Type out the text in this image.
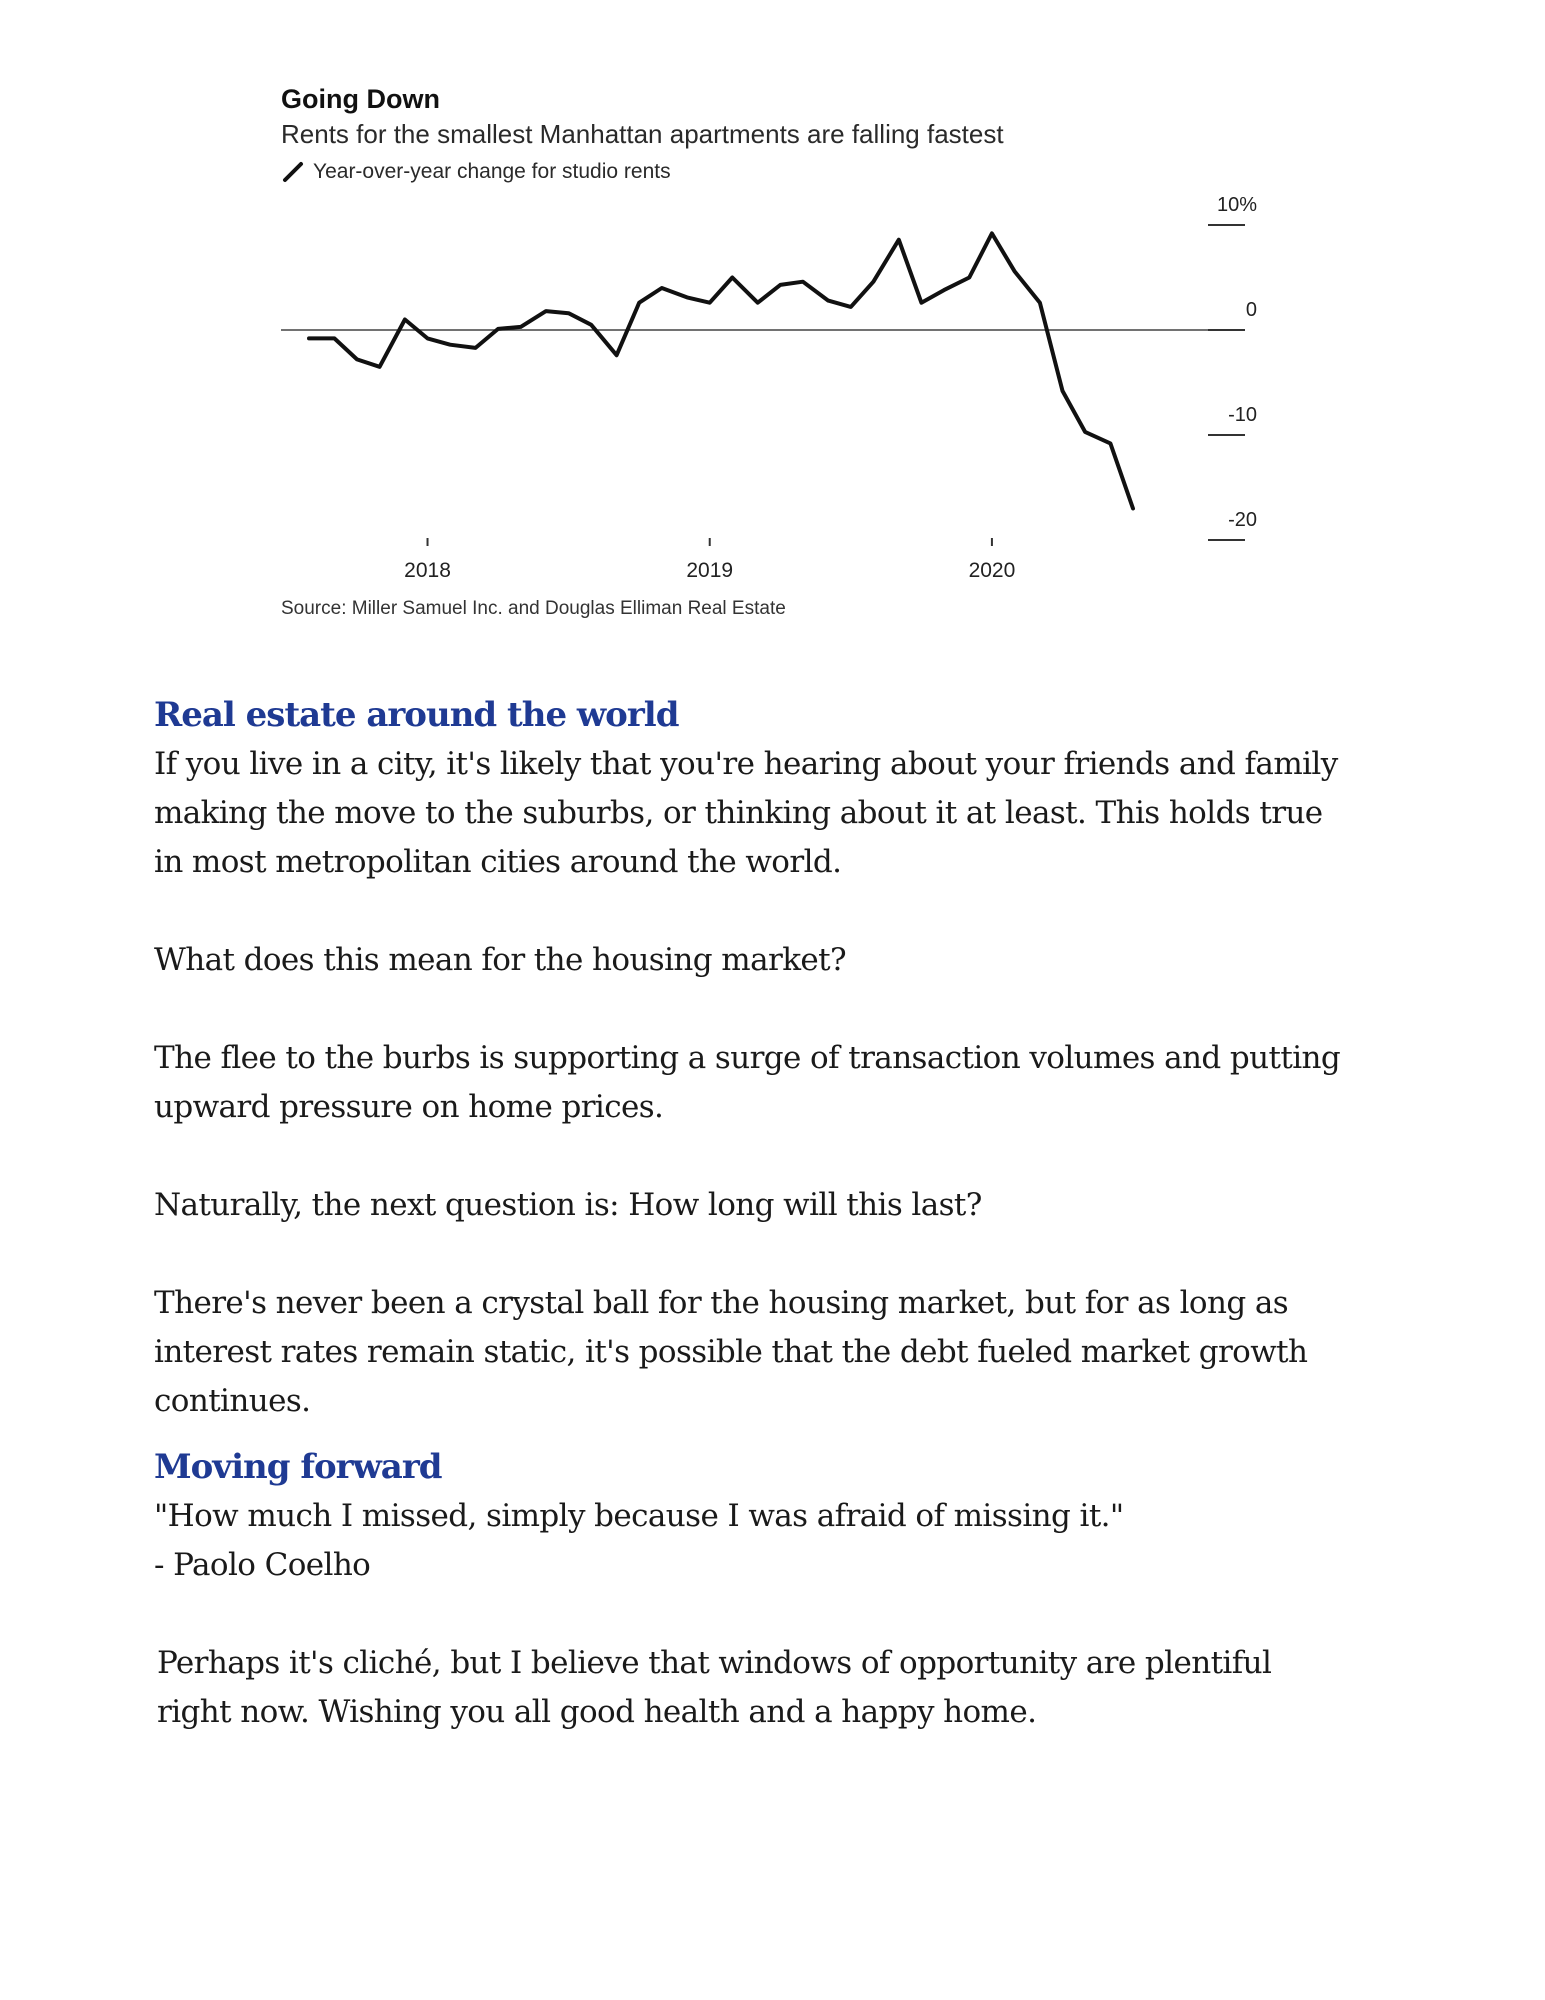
10%
0
-10
-20
2018	2019	2020
Going Down
Rents for the smallest Manhattan apartments are falling fastest
Year-over-year change for studio rents
Source: Miller Samuel Inc. and Douglas Elliman Real Estate
Real estate around the world

If you live in a city, it's likely that you're hearing about your friends and family

making the move to the suburbs, or thinking about it at least. This holds true

in most metropolitan cities around the world.

What does this mean for the housing market?

The flee to the burbs is supporting a surge of transaction volumes and putting

upward pressure on home prices.

Naturally, the next question is: How long will this last?

There's never been a crystal ball for the housing market, but for as long as

interest rates remain static, it's possible that the debt fueled market growth

continues.

Moving forward

"How much I missed, simply because I was afraid of missing it."

- Paolo Coelho

Perhaps it's cliché, but I believe that windows of opportunity are plentiful

right now. Wishing you all good health and a happy home.
